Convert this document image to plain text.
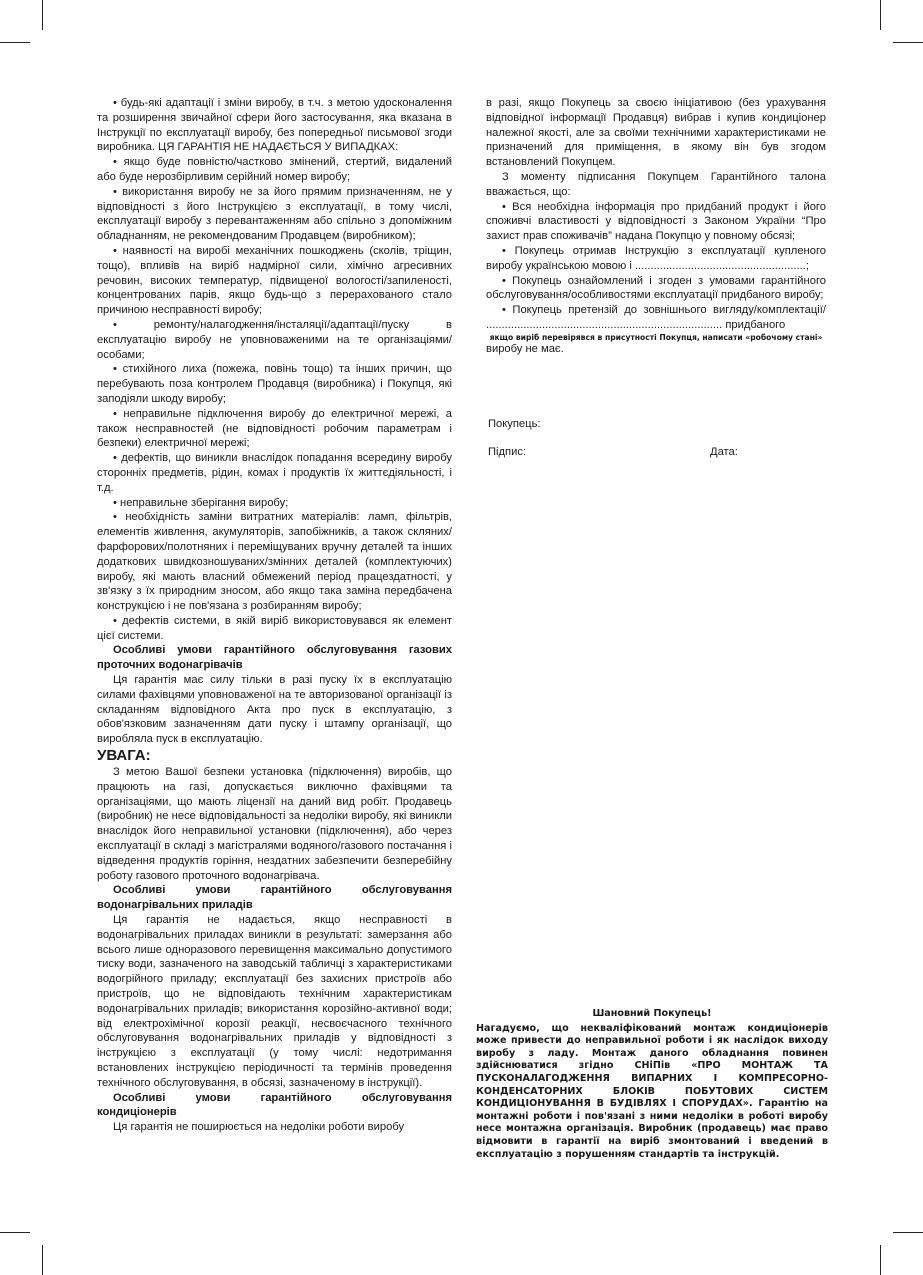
• будь-які адаптації і зміни виробу, в т.ч. з метою удосконалення та розширення звичайної сфери його застосування, яка вказана в Інструкції по експлуатації виробу, без попередньої письмової згоди виробника. ЦЯ ГАРАНТІЯ НЕ НАДАЄТЬСЯ У ВИПАДКАХ:

• якщо буде повністю/частково змінений, стертий, видалений або буде нерозбірливим серійний номер виробу;

• використання виробу не за його прямим призначенням, не у відповідності з його Інструкцією з експлуатації, в тому числі, експлуатації виробу з перевантаженням або спільно з допоміжним обладнанням, не рекомендованим Продавцем (виробником);

• наявності на виробі механічних пошкоджень (сколів, тріщин, тощо), впливів на виріб надмірної сили, хімічно агресивних речовин, високих температур, підвищеної вологості/запиленості, концентрованих парів, якщо будь-що з перерахованого стало причиною несправності виробу;

• ремонту/налагодження/інсталяції/адаптації/пуску в експлуатацію виробу не уповноваженими на те організаціями/особами;

• стихійного лиха (пожежа, повінь тощо) та інших причин, що перебувають поза контролем Продавця (виробника) і Покупця, які заподіяли шкоду виробу;

• неправильне підключення виробу до електричної мережі, а також несправностей (не відповідності робочим параметрам і безпеки) електричної мережі;

• дефектів, що виникли внаслідок попадання всередину виробу сторонніх предметів, рідин, комах і продуктів їх життєдіяльності, і т.д.

• неправильне зберігання виробу;

• необхідність заміни витратних матеріалів: ламп, фільтрів, елементів живлення, акумуляторів, запобіжників, а також скляних/фарфорових/полотняних і переміщуваних вручну деталей та інших додаткових швидкозношуваних/змінних деталей (комплектуючих) виробу, які мають власний обмежений період працездатності, у зв'язку з їх природним зносом, або якщо така заміна передбачена конструкцією і не пов'язана з розбиранням виробу;

• дефектів системи, в якій виріб використовувався як елемент цієї системи.

Особливі умови гарантійного обслуговування газових проточних водонагрівачів

Ця гарантія має силу тільки в разі пуску їх в експлуатацію силами фахівцями уповноваженої на те авторизованої організації із складанням відповідного Акта про пуск в експлуатацію, з обов'язковим зазначенням дати пуску і штампу організації, що виробляла пуск в експлуатацію.

УВАГА:

З метою Вашої безпеки установка (підключення) виробів, що працюють на газі, допускається виключно фахівцями та організаціями, що мають ліцензії на даний вид робіт. Продавець (виробник) не несе відповідальності за недоліки виробу, які виникли внаслідок його неправильної установки (підключення), або через експлуатації в складі з магістралями водяного/газового постачання і відведення продуктів горіння, нездатних забезпечити безперебійну роботу газового проточного водонагрівача.

Особливі умови гарантійного обслуговування водонагрівальних приладів

Ця гарантія не надається, якщо несправності в водонагрівальних приладах виникли в результаті: замерзання або всього лише одноразового перевищення максимально допустимого тиску води, зазначеного на заводській табличці з характеристиками водогрійного приладу; експлуатації без захисних пристроїв або пристроїв, що не відповідають технічним характеристикам водонагрівальних приладів; використання корозійно-активної води; від електрохімічної корозії реакції, несвоєчасного технічного обслуговування водонагрівальних приладів у відповідності з інструкцією з експлуатації (у тому числі: недотримання встановлених інструкцією періодичності та термінів проведення технічного обслуговування, в обсязі, зазначеному в інструкції).

Особливі умови гарантійного обслуговування кондиціонерів

Ця гарантія не поширюється на недоліки роботи виробу

в разі, якщо Покупець за своєю ініціативою (без урахування відповідної інформації Продавця) вибрав і купив кондиціонер належної якості, але за своїми технічними характеристиками не призначений для приміщення, в якому він був згодом встановлений Покупцем.

З моменту підписання Покупцем Гарантійного талона вважається, що:

• Вся необхідна інформація про придбаний продукт і його споживчі властивості у відповідності з Законом України “Про захист прав споживачів” надана Покупцю у повному обсязі;

• Покупець отримав Інструкцію з експлуатації купленого виробу українською мовою і .......................................................;

• Покупець ознайомлений і згоден з умовами гарантійного обслуговування/особливостями експлуатації придбаного виробу;

• Покупець претензій до зовнішнього вигляду/комплектації/ ............................................................................ придбаного

якщо виріб перевірявся в присутності Покупця, написати «робочому стані»

виробу не має.

Покупець:
Підпис:	Дата:

Шановний Покупець!

Нагадуємо, що некваліфікований монтаж кондиціонерів може привести до неправильної роботи і як наслідок виходу виробу з ладу. Монтаж даного обладнання повинен здійснюватися згідно СНіПів «ПРО МОНТАЖ ТА ПУСКОНАЛАГОДЖЕННЯ ВИПАРНИХ І КОМПРЕСОРНО-КОНДЕНСАТОРНИХ БЛОКІВ ПОБУТОВИХ СИСТЕМ КОНДИЦІОНУВАННЯ В БУДІВЛЯХ І СПОРУДАХ». Гарантію на монтажні роботи і пов'язані з ними недоліки в роботі виробу несе монтажна організація. Виробник (продавець) має право відмовити в гарантії на виріб змонтований і введений в експлуатацію з порушенням стандартів та інструкцій.
